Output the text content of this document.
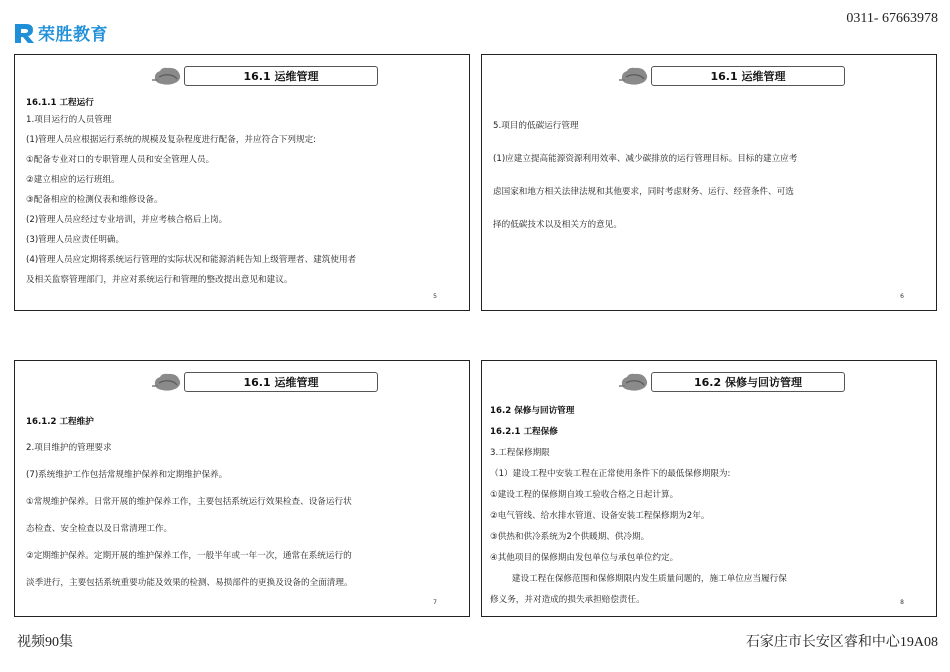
荣胜教育
0311- 67663978
16.1 运维管理

16.1.1 工程运行

1.项目运行的人员管理

(1)管理人员应根据运行系统的规模及复杂程度进行配备，并应符合下列规定:

①配备专业对口的专职管理人员和安全管理人员。

②建立相应的运行班组。

③配备相应的检测仪表和维修设备。

(2)管理人员应经过专业培训，并应考核合格后上岗。

(3)管理人员应责任明确。

(4)管理人员应定期将系统运行管理的实际状况和能源消耗告知上级管理者、建筑使用者

及相关监察管理部门，并应对系统运行和管理的整改提出意见和建议。

5
16.1 运维管理

5.项目的低碳运行管理

(1)应建立提高能源资源利用效率、减少碳排放的运行管理目标。目标的建立应考

虑国家和地方相关法律法规和其他要求，同时考虑财务、运行、经营条件、可选

择的低碳技术以及相关方的意见。

6
16.1 运维管理

16.1.2 工程维护

2.项目维护的管理要求

(7)系统维护工作包括常规维护保养和定期维护保养。

①常规维护保养。日常开展的维护保养工作，主要包括系统运行效果检查、设备运行状

态检查、安全检查以及日常清理工作。

②定期维护保养。定期开展的维护保养工作，一般半年或一年一次，通常在系统运行的

淡季进行，主要包括系统重要功能及效果的检测、易损部件的更换及设备的全面清理。

7
16.2 保修与回访管理

16.2 保修与回访管理

16.2.1 工程保修

3.工程保修期限

（1）建设工程中安装工程在正常使用条件下的最低保修期限为:

①建设工程的保修期自竣工验收合格之日起计算。

②电气管线、给水排水管道、设备安装工程保修期为2年。

③供热和供冷系统为2个供暖期、供冷期。

④其他项目的保修期由发包单位与承包单位约定。

建设工程在保修范围和保修期限内发生质量问题的，施工单位应当履行保

修义务，并对造成的损失承担赔偿责任。	8
视频90集	石家庄市长安区睿和中心19A08
